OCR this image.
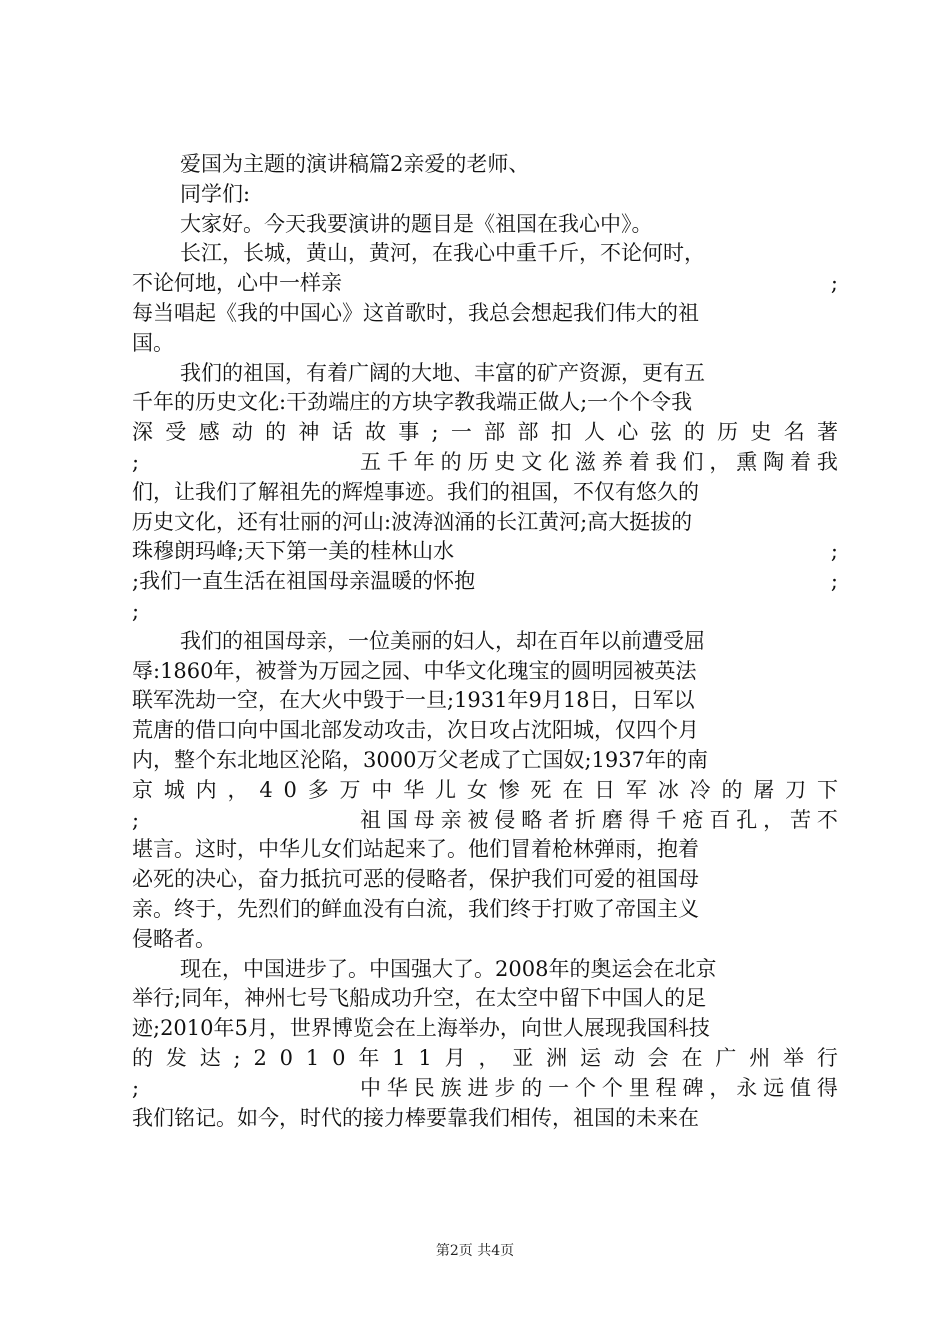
爱国为主题的演讲稿篇2亲爱的老师、
同学们:
大家好。今天我要演讲的题目是《祖国在我心中》。
长江，长城，黄山，黄河，在我心中重千斤，不论何时，
不论何地，心中一样亲	;
每当唱起《我的中国心》这首歌时，我总会想起我们伟大的祖
国。
我们的祖国，有着广阔的大地、丰富的矿产资源，更有五
千年的历史文化:干劲端庄的方块字教我端正做人;一个个令我
深 受 感 动 的 神 话 故 事 ; 一 部 部 扣 人 心 弦 的 历 史 名 著
;	五 千 年 的 历 史 文 化 滋 养 着 我 们 ， 熏 陶 着 我
们，让我们了解祖先的辉煌事迹。我们的祖国，不仅有悠久的
历史文化，还有壮丽的河山:波涛汹涌的长江黄河;高大挺拔的
珠穆朗玛峰;天下第一美的桂林山水	;
;我们一直生活在祖国母亲温暖的怀抱	;
;
我们的祖国母亲，一位美丽的妇人，却在百年以前遭受屈
辱:1860年，被誉为万园之园、中华文化瑰宝的圆明园被英法
联军洗劫一空，在大火中毁于一旦;1931年9月18日，日军以
荒唐的借口向中国北部发动攻击，次日攻占沈阳城，仅四个月
内，整个东北地区沦陷，3000万父老成了亡国奴;1937年的南
京 城 内 ， 4 0 多 万 中 华 儿 女 惨 死 在 日 军 冰 冷 的 屠 刀 下
;	祖 国 母 亲 被 侵 略 者 折 磨 得 千 疮 百 孔 ， 苦 不
堪言。这时，中华儿女们站起来了。他们冒着枪林弹雨，抱着
必死的决心，奋力抵抗可恶的侵略者，保护我们可爱的祖国母
亲。终于，先烈们的鲜血没有白流，我们终于打败了帝国主义
侵略者。
现在，中国进步了。中国强大了。2008年的奥运会在北京
举行;同年，神州七号飞船成功升空，在太空中留下中国人的足
迹;2010年5月，世界博览会在上海举办，向世人展现我国科技
的 发 达 ; 2 0 1 0 年 1 1 月 ， 亚 洲 运 动 会 在 广 州 举 行
;	中 华 民 族 进 步 的 一 个 个 里 程 碑 ， 永 远 值 得
我们铭记。如今，时代的接力棒要靠我们相传，祖国的未来在
第2页 共4页
